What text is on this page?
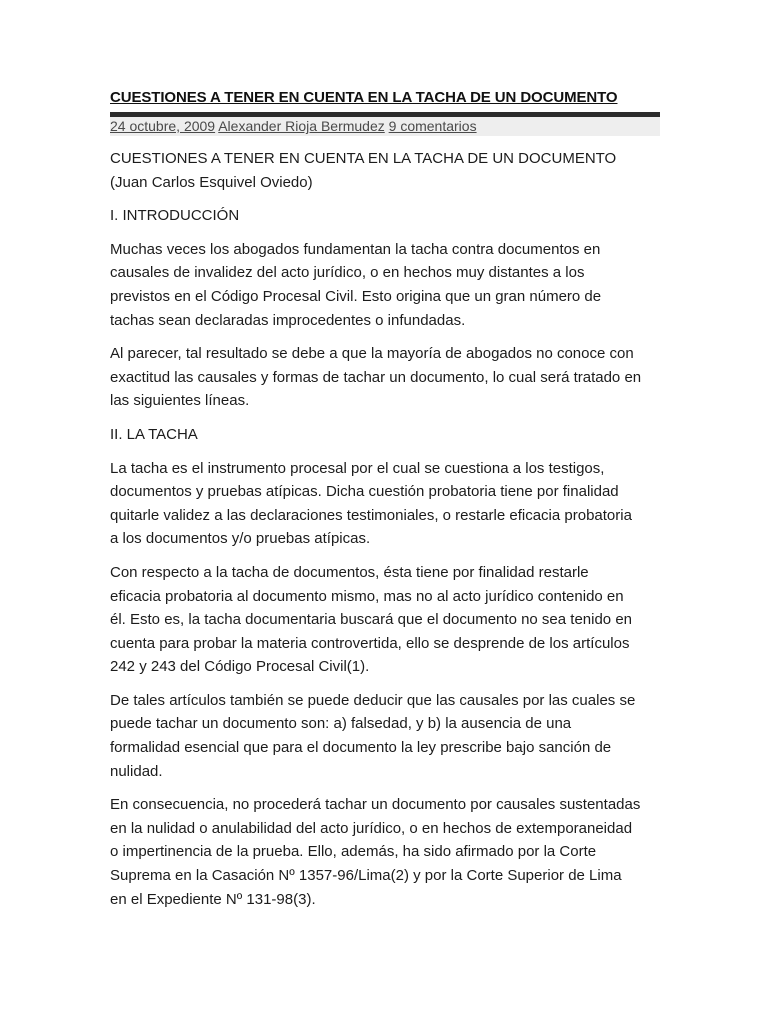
CUESTIONES A TENER EN CUENTA EN LA TACHA DE UN DOCUMENTO
24 octubre, 2009 Alexander Rioja Bermudez 9 comentarios

CUESTIONES A TENER EN CUENTA EN LA TACHA DE UN DOCUMENTO
(Juan Carlos Esquivel Oviedo)

I. INTRODUCCIÓN

Muchas veces los abogados fundamentan la tacha contra documentos en
causales de invalidez del acto jurídico, o en hechos muy distantes a los
previstos en el Código Procesal Civil. Esto origina que un gran número de
tachas sean declaradas improcedentes o infundadas.

Al parecer, tal resultado se debe a que la mayoría de abogados no conoce con
exactitud las causales y formas de tachar un documento, lo cual será tratado en
las siguientes líneas.

II. LA TACHA

La tacha es el instrumento procesal por el cual se cuestiona a los testigos,
documentos y pruebas atípicas. Dicha cuestión probatoria tiene por finalidad
quitarle validez a las declaraciones testimoniales, o restarle eficacia probatoria
a los documentos y/o pruebas atípicas.

Con respecto a la tacha de documentos, ésta tiene por finalidad restarle
eficacia probatoria al documento mismo, mas no al acto jurídico contenido en
él. Esto es, la tacha documentaria buscará que el documento no sea tenido en
cuenta para probar la materia controvertida, ello se desprende de los artículos
242 y 243 del Código Procesal Civil(1).

De tales artículos también se puede deducir que las causales por las cuales se
puede tachar un documento son: a) falsedad, y b) la ausencia de una
formalidad esencial que para el documento la ley prescribe bajo sanción de
nulidad.

En consecuencia, no procederá tachar un documento por causales sustentadas
en la nulidad o anulabilidad del acto jurídico, o en hechos de extemporaneidad
o impertinencia de la prueba. Ello, además, ha sido afirmado por la Corte
Suprema en la Casación Nº 1357-96/Lima(2) y por la Corte Superior de Lima
en el Expediente Nº 131-98(3).
